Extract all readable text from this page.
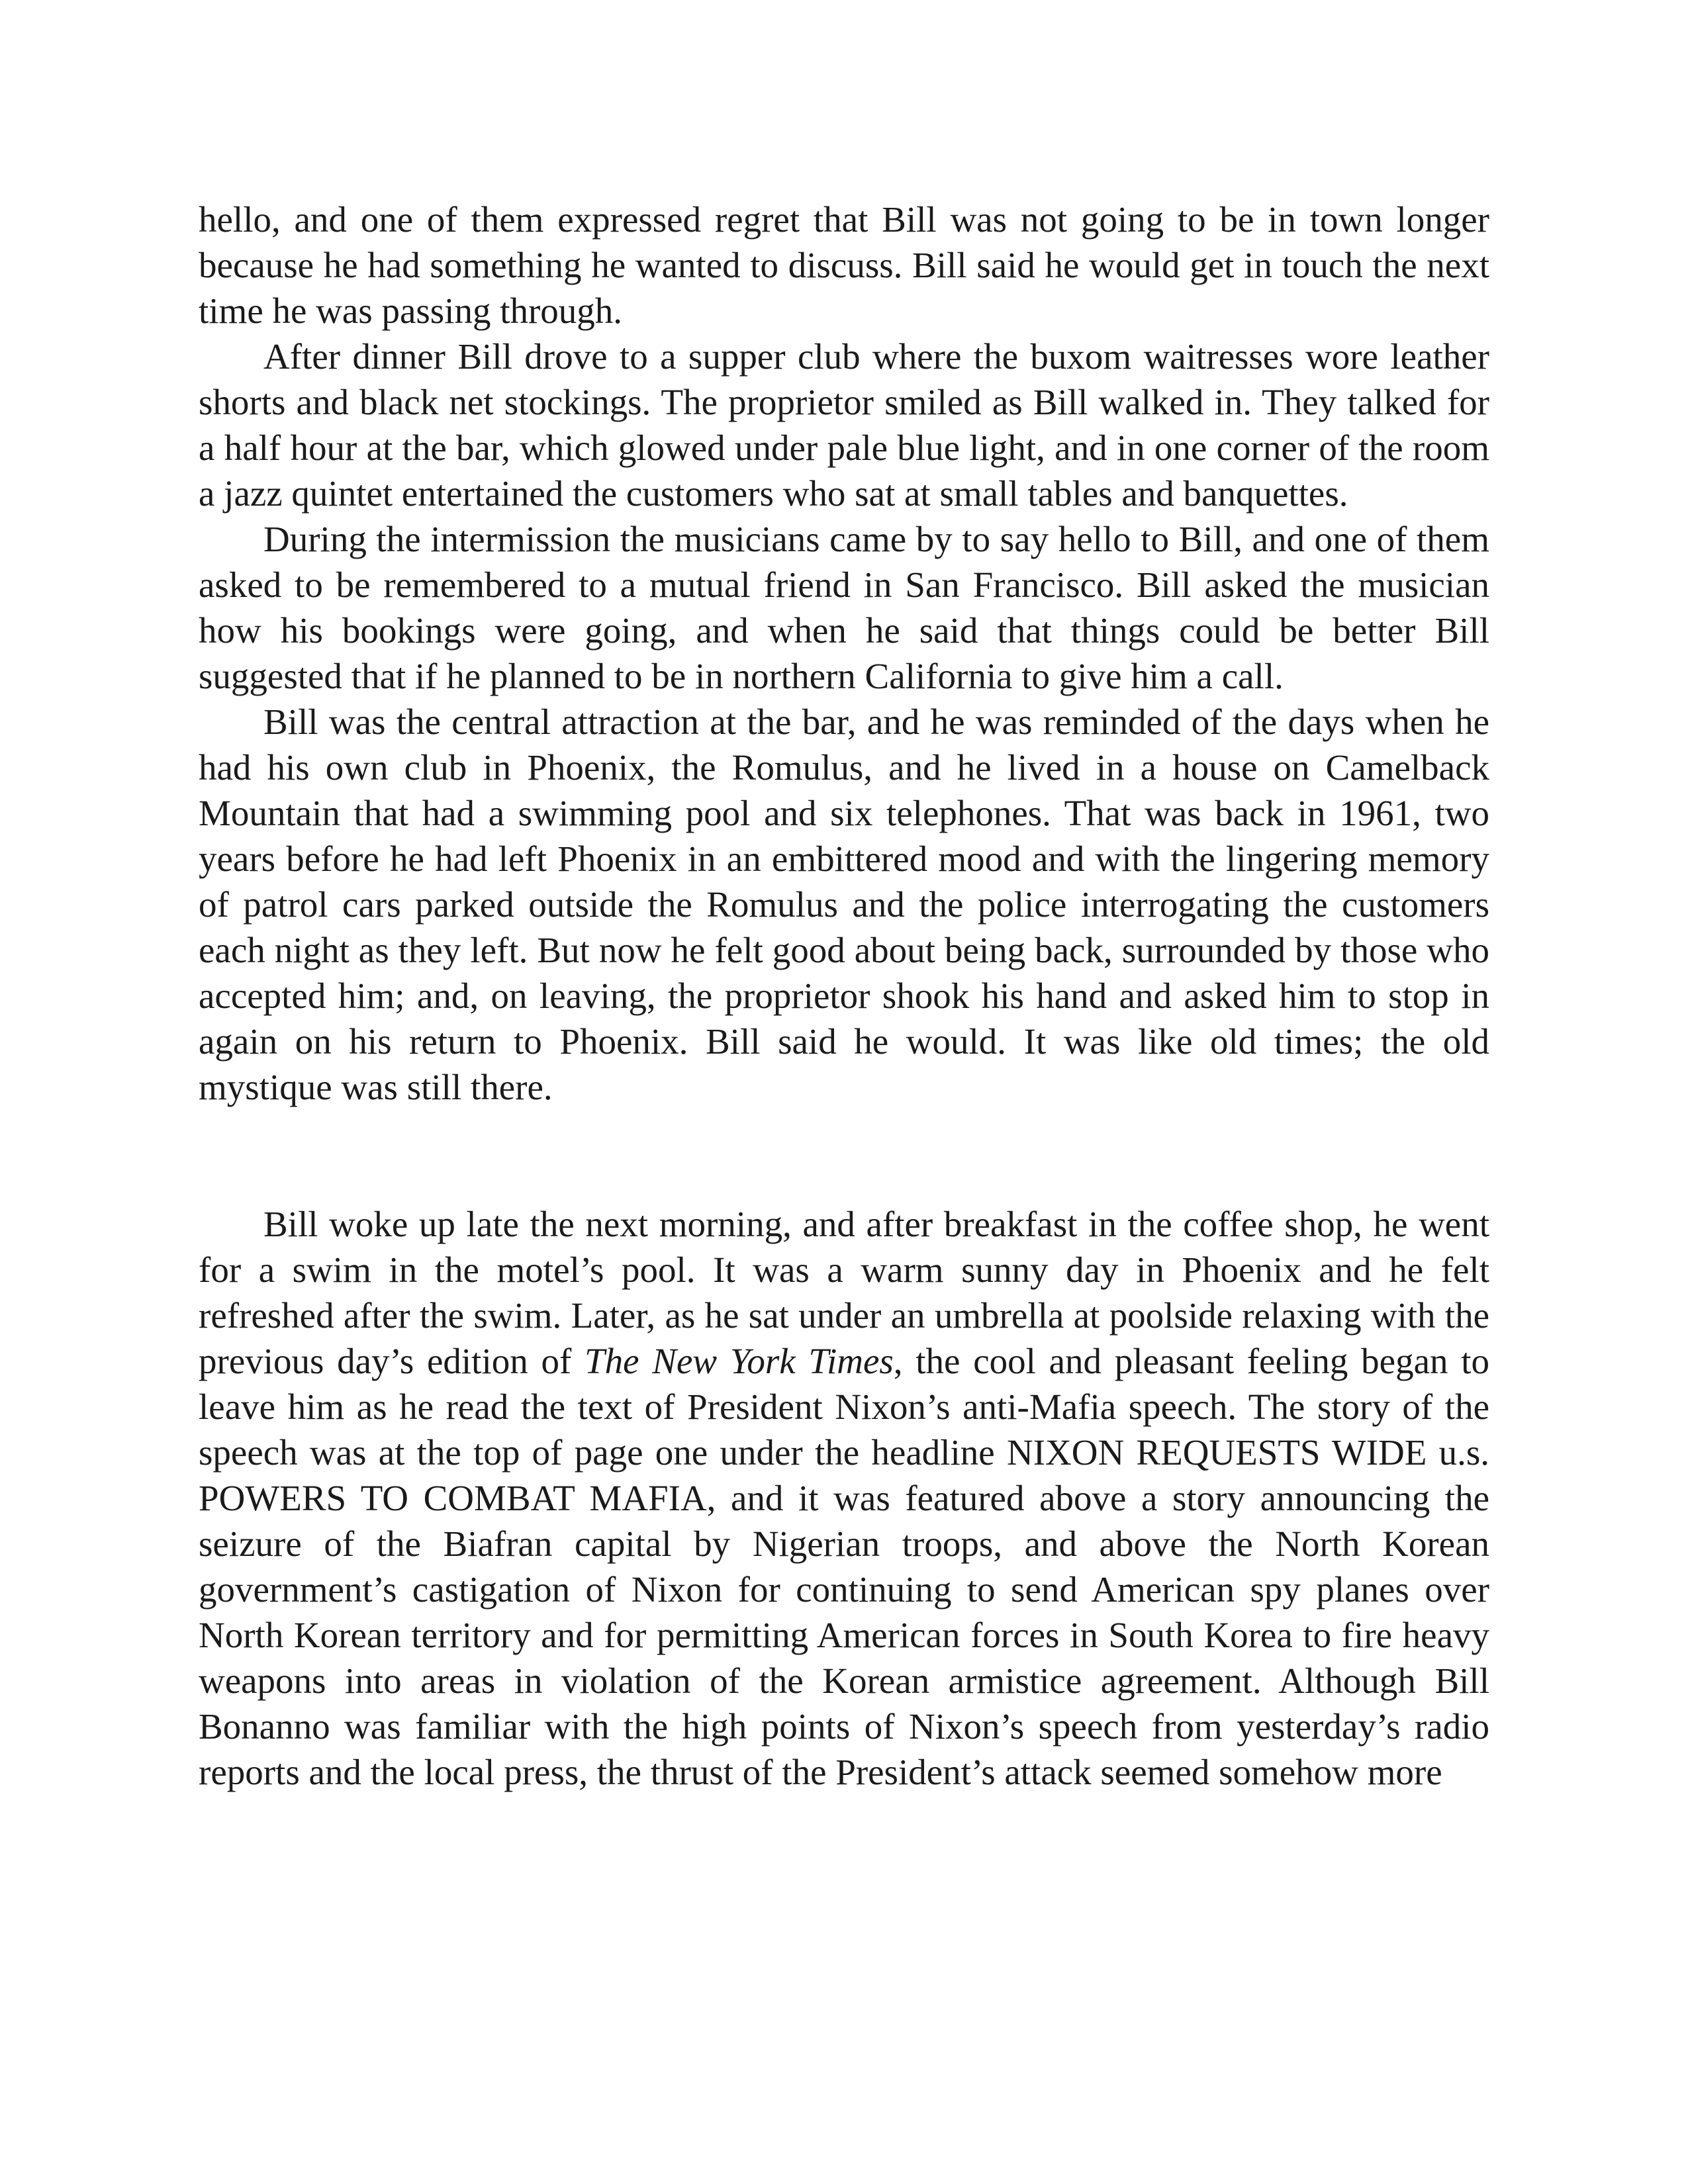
hello, and one of them expressed regret that Bill was not going to be in town longer because he had something he wanted to discuss. Bill said he would get in touch the next time he was passing through.

After dinner Bill drove to a supper club where the buxom waitresses wore leather shorts and black net stockings. The proprietor smiled as Bill walked in. They talked for a half hour at the bar, which glowed under pale blue light, and in one corner of the room a jazz quintet entertained the customers who sat at small tables and banquettes.

During the intermission the musicians came by to say hello to Bill, and one of them asked to be remembered to a mutual friend in San Francisco. Bill asked the musician how his bookings were going, and when he said that things could be better Bill suggested that if he planned to be in northern California to give him a call.

Bill was the central attraction at the bar, and he was reminded of the days when he had his own club in Phoenix, the Romulus, and he lived in a house on Camelback Mountain that had a swimming pool and six telephones. That was back in 1961, two years before he had left Phoenix in an embittered mood and with the lingering memory of patrol cars parked outside the Romulus and the police interrogating the customers each night as they left. But now he felt good about being back, surrounded by those who accepted him; and, on leaving, the proprietor shook his hand and asked him to stop in again on his return to Phoenix. Bill said he would. It was like old times; the old mystique was still there.

Bill woke up late the next morning, and after breakfast in the coffee shop, he went for a swim in the motel’s pool. It was a warm sunny day in Phoenix and he felt refreshed after the swim. Later, as he sat under an umbrella at poolside relaxing with the previous day’s edition of The New York Times, the cool and pleasant feeling began to leave him as he read the text of President Nixon’s anti-Mafia speech. The story of the speech was at the top of page one under the headline NIXON REQUESTS WIDE u.s. POWERS TO COMBAT MAFIA, and it was featured above a story announcing the seizure of the Biafran capital by Nigerian troops, and above the North Korean government’s castigation of Nixon for continuing to send American spy planes over North Korean territory and for permitting American forces in South Korea to fire heavy weapons into areas in violation of the Korean armistice agreement. Although Bill Bonanno was familiar with the high points of Nixon’s speech from yesterday’s radio reports and the local press, the thrust of the President’s attack seemed somehow more
